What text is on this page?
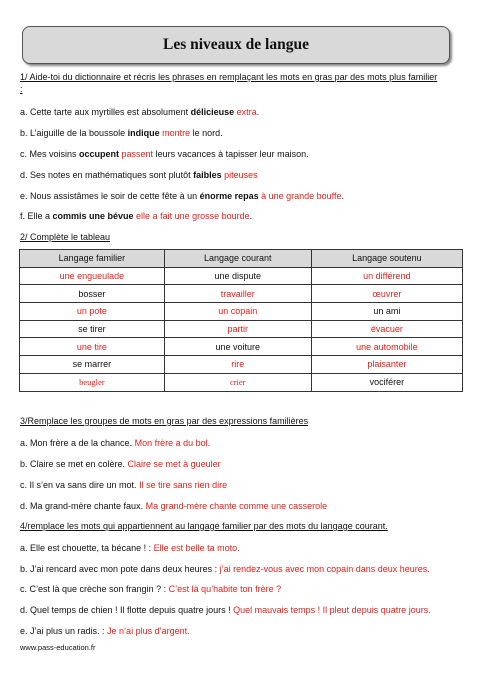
Les niveaux de langue
1/ Aide-toi du dictionnaire et récris les phrases en remplaçant les mots en gras par des mots plus familier
:
a. Cette tarte aux myrtilles est absolument délicieuse extra.
b. L’aiguille de la boussole indique montre le nord.
c. Mes voisins occupent passent leurs vacances à tapisser leur maison.
d. Ses notes en mathématiques sont plutôt faibles piteuses
e. Nous assistâmes le soir de cette fête à un énorme repas à une grande bouffe.
f. Elle a commis une bévue elle a fait une grosse bourde.
2/ Complète le tableau
Langage familier	Langage courant	Langage soutenu
une engueulade	une dispute	un différend
bosser	travailler	œuvrer
un pote	un copain	un ami
se tirer	partir	évacuer
une tire	une voiture	une automobile
se marrer	rire	plaisanter
beugler	crier	vociférer
3/Remplace les groupes de mots en gras par des expressions familières
a. Mon frère a de la chance. Mon frère a du bol.
b. Claire se met en colère. Claire se met à gueuler
c. Il s’en va sans dire un mot. Il se tire sans rien dire
d. Ma grand-mère chante faux. Ma grand-mère chante comme une casserole
4/remplace les mots qui appartiennent au langage familier par des mots du langage courant.
a. Elle est chouette, ta bécane ! : Elle est belle ta moto.
b. J’ai rencard avec mon pote dans deux heures : j’ai rendez-vous avec mon copain dans deux heures.
c. C’est là que crèche son frangin ? : C’est là qu’habite ton frère ?
d. Quel temps de chien ! Il flotte depuis quatre jours ! Quel mauvais temps ! Il pleut depuis quatre jours.
e. J’ai plus un radis. : Je n’ai plus d’argent.
www.pass-education.fr
